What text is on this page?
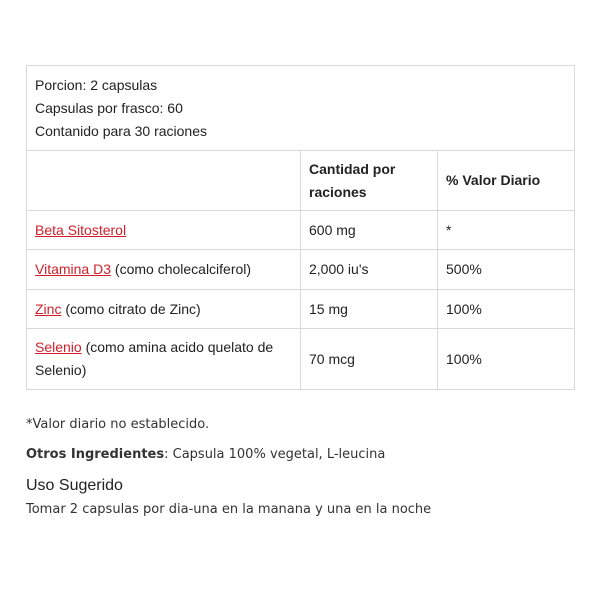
Porcion: 2 capsulas
Capsulas por frasco: 60
Contanido para 30 raciones		

	Cantidad por raciones	% Valor Diario
Beta Sitosterol	600 mg	*
Vitamina D3 (como cholecalciferol)	2,000 iu's	500%
Zinc (como citrato de Zinc)	15 mg	100%
Selenio (como amina acido quelato de Selenio)	70 mcg	100%
*Valor diario no establecido.
Otros Ingredientes: Capsula 100% vegetal, L-leucina
Uso Sugerido
Tomar 2 capsulas por dia-una en la manana y una en la noche
